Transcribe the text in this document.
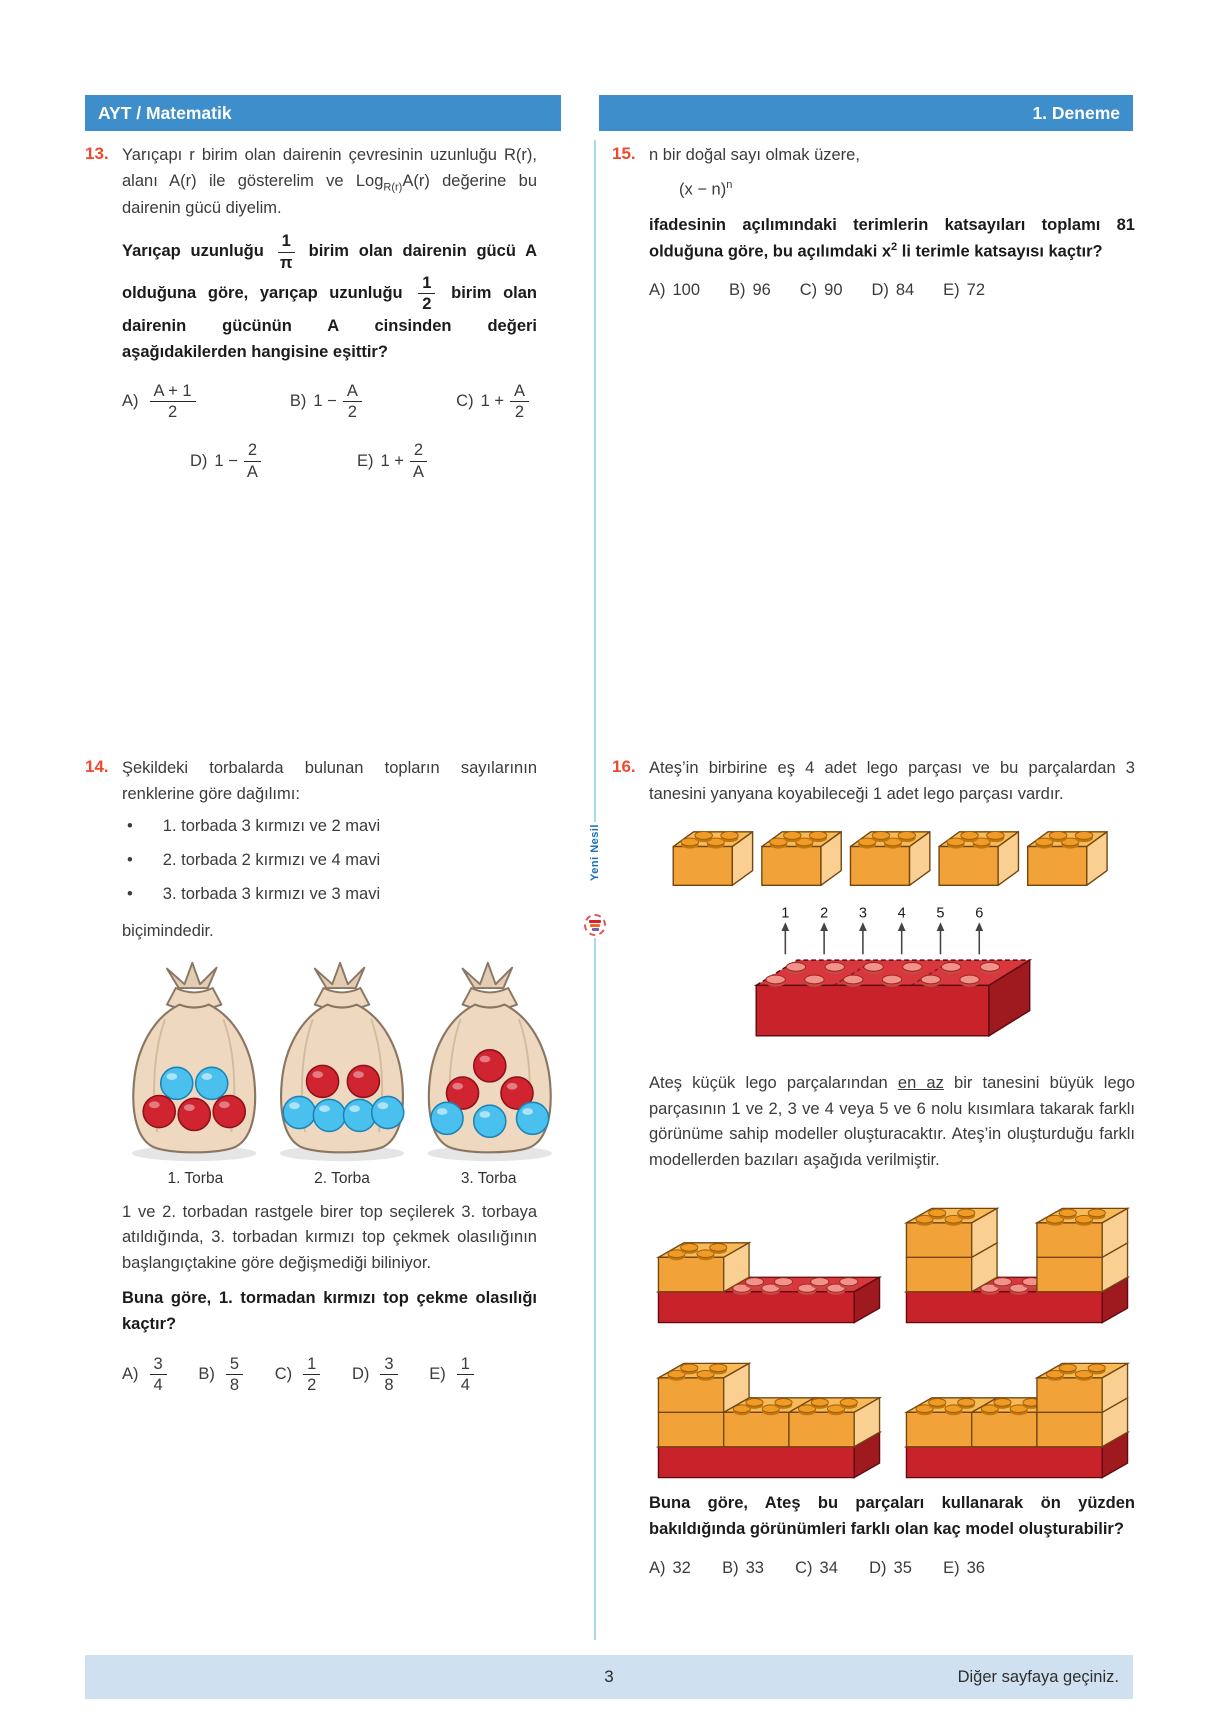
AYT / Matematik	1. Deneme
Yeni Nesil
13. Yarıçapı r birim olan dairenin çevresinin uzunluğu R(r), alanı A(r) ile gösterelim ve Log$_{R(r)}$A(r) değerine bu dairenin gücü diyelim.

Yarıçap uzunluğu $\frac{1}{\pi}$ birim olan dairenin gücü A olduğuna göre, yarıçap uzunluğu $\frac{1}{2}$ birim olan dairenin gücünün A cinsinden değeri aşağıdakilerden hangisine eşittir?

$A) \frac{A + 1}{2}$	B) $1 - \frac{A}{2}$	C) $1 + \frac{A}{2}$
D) $1 - \frac{2}{A}$	E) $1 + \frac{2}{A}$
14. Şekildeki torbalarda bulunan topların sayılarının renklerine göre dağılımı:

• 1. torbada 3 kırmızı ve 2 mavi
• 2. torbada 2 kırmızı ve 4 mavi
• 3. torbada 3 kırmızı ve 3 mavi

biçimindedir.

1. Torba	2. Torba	3. Torba

1 ve 2. torbadan rastgele birer top seçilerek 3. torbaya atıldığında, 3. torbadan kırmızı top çekmek olasılığının başlangıçtakine göre değişmediği biliniyor.

Buna göre, 1. tormadan kırmızı top çekme olasılığı kaçtır?

$A) \frac{3}{4} B) \frac{5}{8} C) \frac{1}{2} D) \frac{3}{8} E) \frac{1}{4}$
15. n bir doğal sayı olmak üzere,

$(x - n)^n$

ifadesinin açılımındaki terimlerin katsayıları toplamı 81 olduğuna göre, bu açılımdaki $x^2$ li terimle katsayısı kaçtır?

A) 100 B) 96 C) 90 D) 84 E) 72
16. Ateş’in birbirine eş 4 adet lego parçası ve bu parçalardan 3 tanesini yanyana koyabileceği 1 adet lego parçası vardır.

1 2 3 4 5 6

Ateş küçük lego parçalarından en az bir tanesini büyük lego parçasının 1 ve 2, 3 ve 4 veya 5 ve 6 nolu kısımlara takarak farklı görünüme sahip modeller oluşturacaktır. Ateş’in oluşturduğu farklı modellerden bazıları aşağıda verilmiştir.

Buna göre, Ateş bu parçaları kullanarak ön yüzden bakıldığında görünümleri farklı olan kaç model oluşturabilir?

A) 32 B) 33 C) 34 D) 35 E) 36
3	Diğer sayfaya geçiniz.
